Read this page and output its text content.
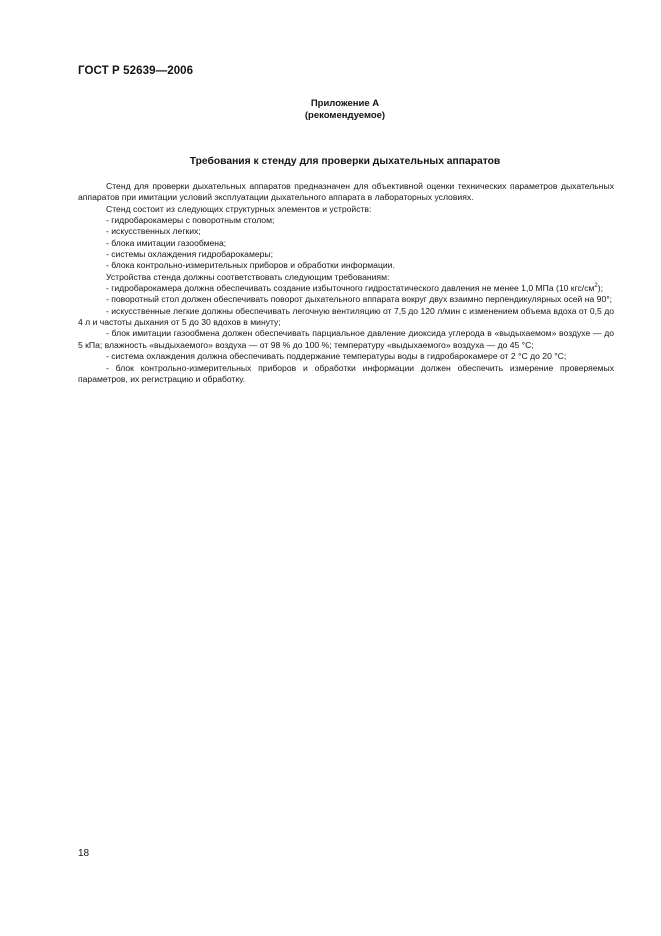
ГОСТ Р 52639—2006
Приложение А
(рекомендуемое)
Требования к стенду для проверки дыхательных аппаратов

Стенд для проверки дыхательных аппаратов предназначен для объективной оценки технических параметров дыхательных аппаратов при имитации условий эксплуатации дыхательного аппарата в лабораторных условиях.

Стенд состоит из следующих структурных элементов и устройств:

- гидробарокамеры с поворотным столом;

- искусственных легких;

- блока имитации газообмена;

- системы охлаждения гидробарокамеры;

- блока контрольно-измерительных приборов и обработки информации.

Устройства стенда должны соответствовать следующим требованиям:

- гидробарокамера должна обеспечивать создание избыточного гидростатического давления не менее 1,0 МПа (10 кгс/$см^2$);

- поворотный стол должен обеспечивать поворот дыхательного аппарата вокруг двух взаимно перпендикулярных осей на 90°;

- искусственные легкие должны обеспечивать легочную вентиляцию от 7,5 до 120 л/мин с изменением объема вдоха от 0,5 до 4 л и частоты дыхания от 5 до 30 вдохов в минуту;

- блок имитации газообмена должен обеспечивать парциальное давление диоксида углерода в «выдыхаемом» воздухе — до 5 кПа; влажность «выдыхаемого» воздуха — от 98 % до 100 %; температуру «выдыхаемого» воздуха — до 45 °С;

- система охлаждения должна обеспечивать поддержание температуры воды в гидробарокамере от 2 °С до 20 °С;

- блок контрольно-измерительных приборов и обработки информации должен обеспечить измерение проверяемых параметров, их регистрацию и обработку.

18
